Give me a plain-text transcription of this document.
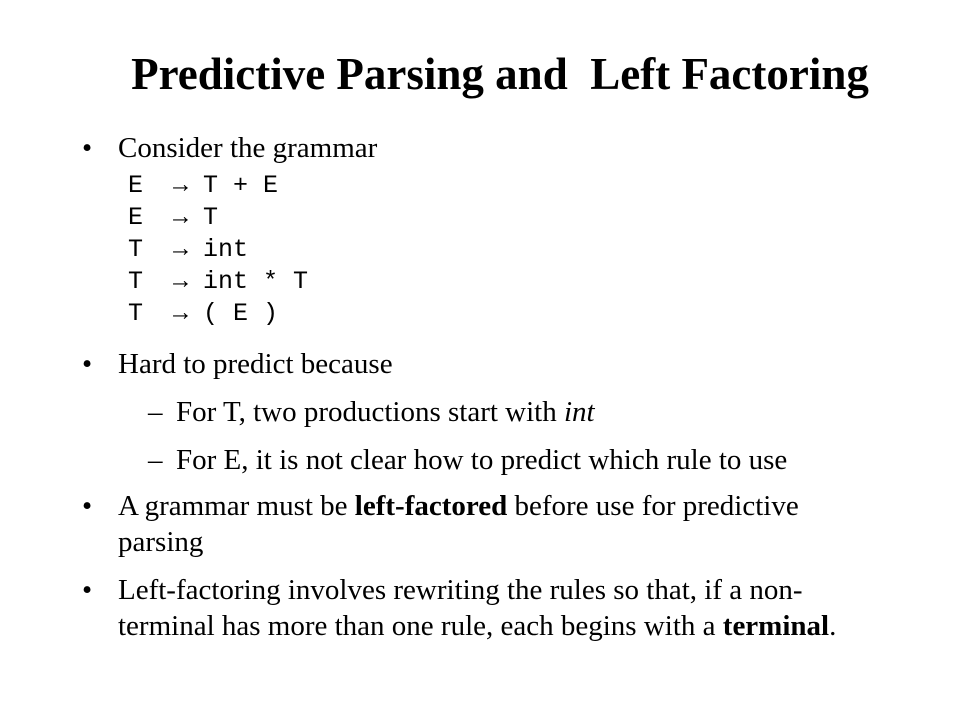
Predictive Parsing and  Left Factoring
• Consider the grammar
E  → T + E
E  → T
T  → int
T  → int * T
T  → ( E )
• Hard to predict because
– For T, two productions start with int
– For E, it is not clear how to predict which rule to use
• A grammar must be left-factored before use for predictive parsing
• Left-factoring involves rewriting the rules so that, if a non-terminal has more than one rule, each begins with a terminal.
